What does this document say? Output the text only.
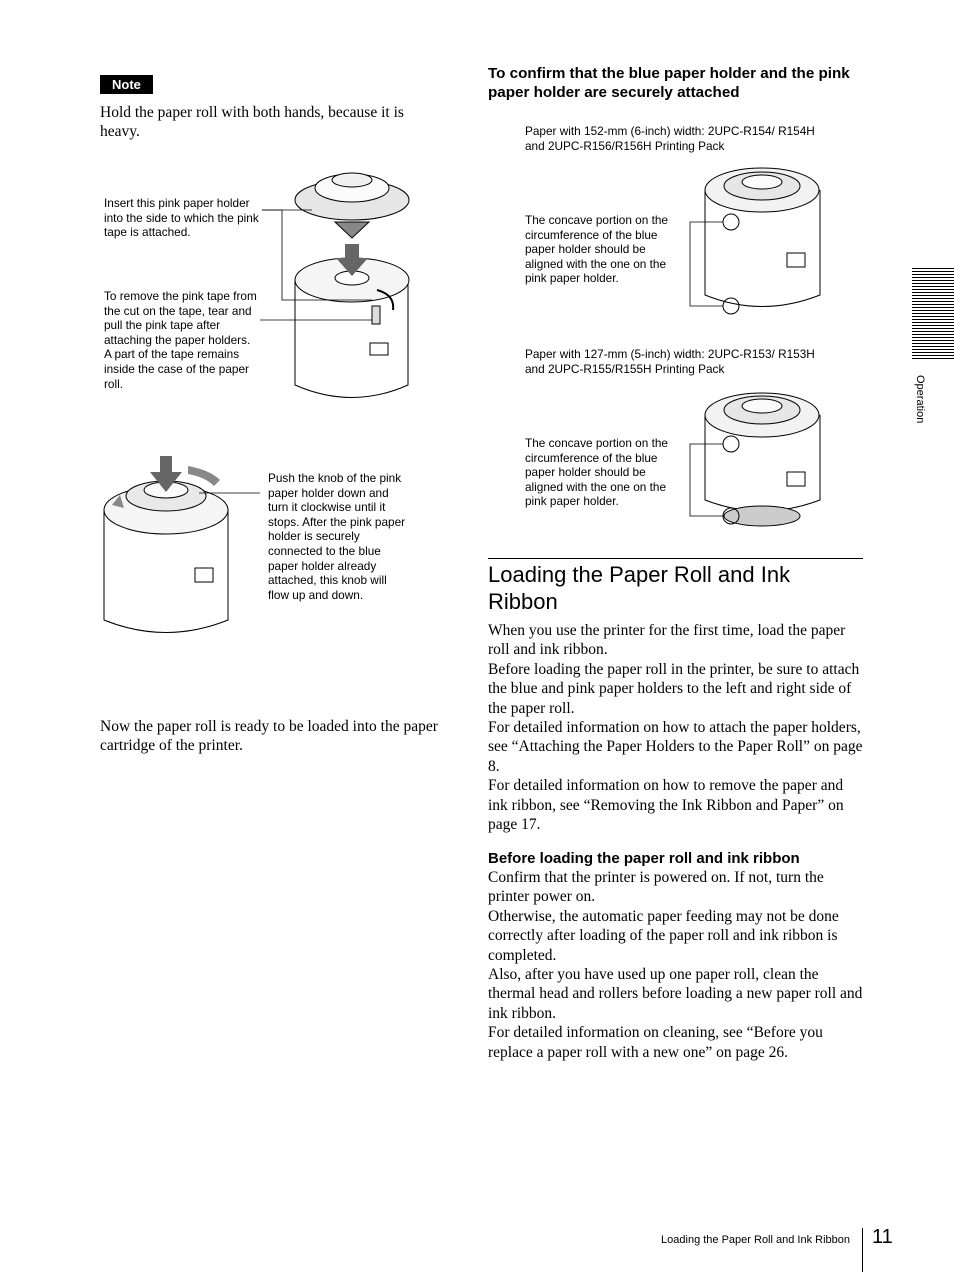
Note

Hold the paper roll with both hands, because it is heavy.

Insert this pink paper holder into the side to which the pink tape is attached.
To remove the pink tape from the cut on the tape, tear and pull the pink tape after attaching the paper holders. A part of the tape remains inside the case of the paper roll.
Push the knob of the pink paper holder down and turn it clockwise until it stops. After the pink paper holder is securely connected to the blue paper holder already attached, this knob will flow up and down.

Now the paper roll is ready to be loaded into the paper cartridge of the printer.

To confirm that the blue paper holder and the pink paper holder are securely attached
Paper with 152-mm (6-inch) width: 2UPC-R154/ R154H and 2UPC-R156/R156H Printing Pack
The concave portion on the circumference of the blue paper holder should be aligned with the one on the pink paper holder.
Paper with 127-mm (5-inch) width: 2UPC-R153/ R153H and 2UPC-R155/R155H Printing Pack
The concave portion on the circumference of the blue paper holder should be aligned with the one on the pink paper holder.
Loading the Paper Roll and Ink Ribbon

When you use the printer for the first time, load the paper roll and ink ribbon.

Before loading the paper roll in the printer, be sure to attach the blue and pink paper holders to the left and right side of the paper roll.

For detailed information on how to attach the paper holders, see “Attaching the Paper Holders to the Paper Roll” on page 8.

For detailed information on how to remove the paper and ink ribbon, see “Removing the Ink Ribbon and Paper” on page 17.

Before loading the paper roll and ink ribbon

Confirm that the printer is powered on. If not, turn the printer power on.

Otherwise, the automatic paper feeding may not be done correctly after loading of the paper roll and ink ribbon is completed.

Also, after you have used up one paper roll, clean the thermal head and rollers before loading a new paper roll and ink ribbon.

For detailed information on cleaning, see “Before you replace a paper roll with a new one” on page 26.

Operation
Loading the Paper Roll and Ink Ribbon 11
